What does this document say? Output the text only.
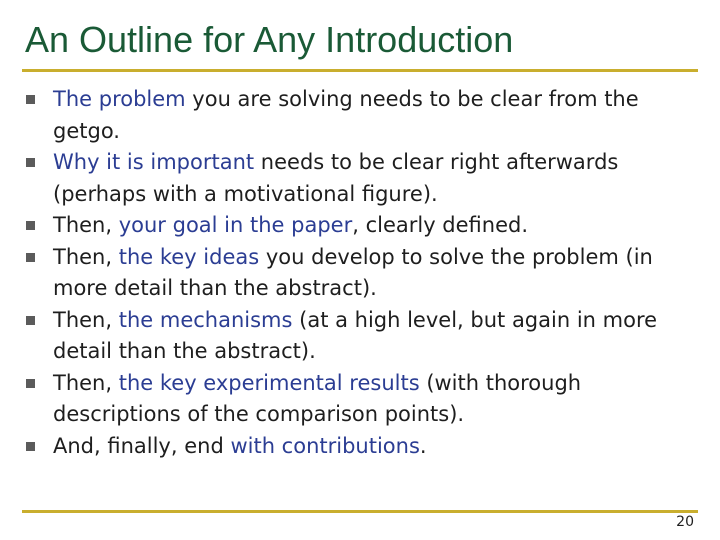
An Outline for Any Introduction
The problem you are solving needs to be clear from the getgo.
Why it is important needs to be clear right afterwards (perhaps with a motivational figure).
Then, your goal in the paper, clearly defined.
Then, the key ideas you develop to solve the problem (in more detail than the abstract).
Then, the mechanisms (at a high level, but again in more detail than the abstract).
Then, the key experimental results (with thorough descriptions of the comparison points).
And, finally, end with contributions.
20
